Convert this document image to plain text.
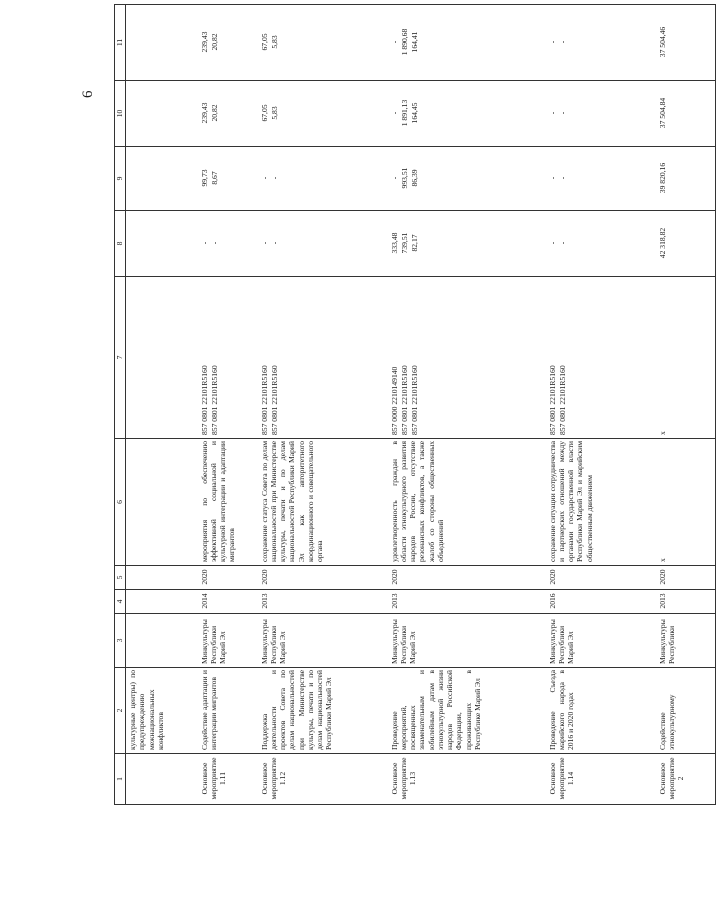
6
1	2	3	4	5	6	7	8	9	10	11
	культурные центры) по предупреждению межнациональных конфликтов					

Основное мероприятие 1.11	Содействие адаптации и интеграции мигрантов	Минкультуры Республики Марий Эл	2014	2020	мероприятия по обеспечению эффективной социальной и культурной интеграции и адаптации мигрантов	857 0801 22101R5160 857 0801 22101R5160	- -	99,73 8,67	239,43 20,82	239,43 20,82

Основное мероприятие 1.12	Поддержка деятельности и проектов Совета по делам национальностей при Министерстве культуры, печати и по делам национальностей Республики Марий Эл	Минкультуры Республики Марий Эл	2013	2020	сохранение статуса Совета по делам национальностей при Министерстве культуры, печати и по делам национальностей Республики Марий Эл как авторитетного координационного и совещательного органа	857 0801 22101R5160 857 0801 22101R5160	- -	- -	67,05 5,83	67,05 5,83

Основное мероприятие 1.13	Проведение мероприятий, посвященных знаменательным и юбилейным датам в этнокультурной жизни народов Российской Федерации, проживающих в Республике Марий Эл	Минкультуры Республики Марий Эл	2013	2020	удовлетворенность граждан в области этнокультурного развития народов России, отсутствие резонансных конфликтов, а также жалоб со стороны общественных объединений	857 0000 2210149140 857 0801 22101R5160 857 0801 22101R5160	333,48 739,51 82,17	- 993,51 86,39	- 1 891,13 164,45	- 1 890,68 164,41

Основное мероприятие 1.14	Проведение Съезда марийского народа в 2016 и 2020 годах	Минкультуры Республики Марий Эл	2016	2020	сохранение ситуации сотрудничества и партнерских отношений между органами государственной власти Республики Марий Эл и марийским общественным движением	857 0801 22101R5160 857 0801 22101R5160	- -	- -	- -	- -

Основное мероприятие 2	Содействие этнокультурному	Минкультуры Республики	2013	2020	х	х	42 318,82	39 820,16	37 504,84	37 504,46
